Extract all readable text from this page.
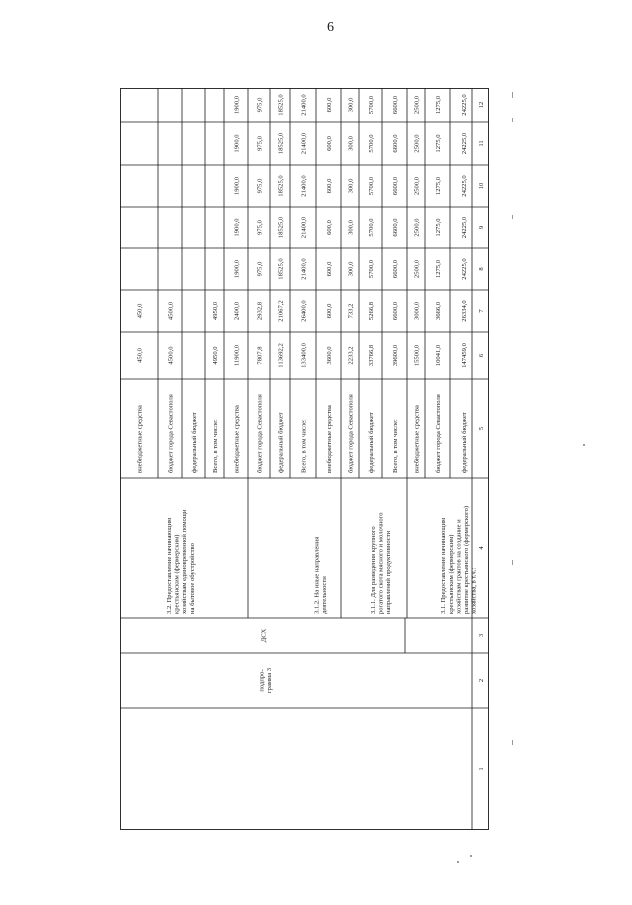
6
1
2
3
4
5
6
7
8
9
10
11
12
федеральный бюджет
147459,0
26334,0
24225,0
24225,0
24225,0
24225,0
24225,0
бюджет города Севастополя
10041,0
3666,0
1275,0
1275,0
1275,0
1275,0
1275,0
внебюджетные средства
15500,0
3000,0
2500,0
2500,0
2500,0
2500,0
2500,0
Всего, в том числе:
39600,0
6600,0
6600,0
6600,0
6600,0
6600,0
6600,0
федеральный бюджет
33766,8
5266,8
5700,0
5700,0
5700,0
5700,0
5700,0
бюджет города Севастополя
2233,2
733,2
300,0
300,0
300,0
300,0
300,0
внебюджетные средства
3600,0
600,0
600,0
600,0
600,0
600,0
600,0
Всего, в том числе:
133400,0
26400,0
21400,0
21400,0
21400,0
21400,0
21400,0
федеральный бюджет
113692,2
21067,2
18525,0
18525,0
18525,0
18525,0
18525,0
бюджет города Севастополя
7807,8
2932,8
975,0
975,0
975,0
975,0
975,0
внебюджетные средства
11900,0
2400,0
1900,0
1900,0
1900,0
1900,0
1900,0
Всего, в том числе:
4950,0
4950,0
федеральный бюджет
бюджет города Севастополя
4500,0
4500,0
внебюджетные средства
450,0
450,0
3.1. Предоставление начинающим крестьянским (фермерским) хозяйствам грантов на создание и развитие крестьянского (фермерского) хозяйства, в т.ч.:
3.1.1. Для разведения крупного рогатого скота мясного и молочного направлений продуктивности
3.1.2. На иные направления деятельности
3.2. Предоставление начинающим крестьянским (фермерским) хозяйствам единовременной помощи на бытовое обустройство
ДСХ
подпро- грамма 3
